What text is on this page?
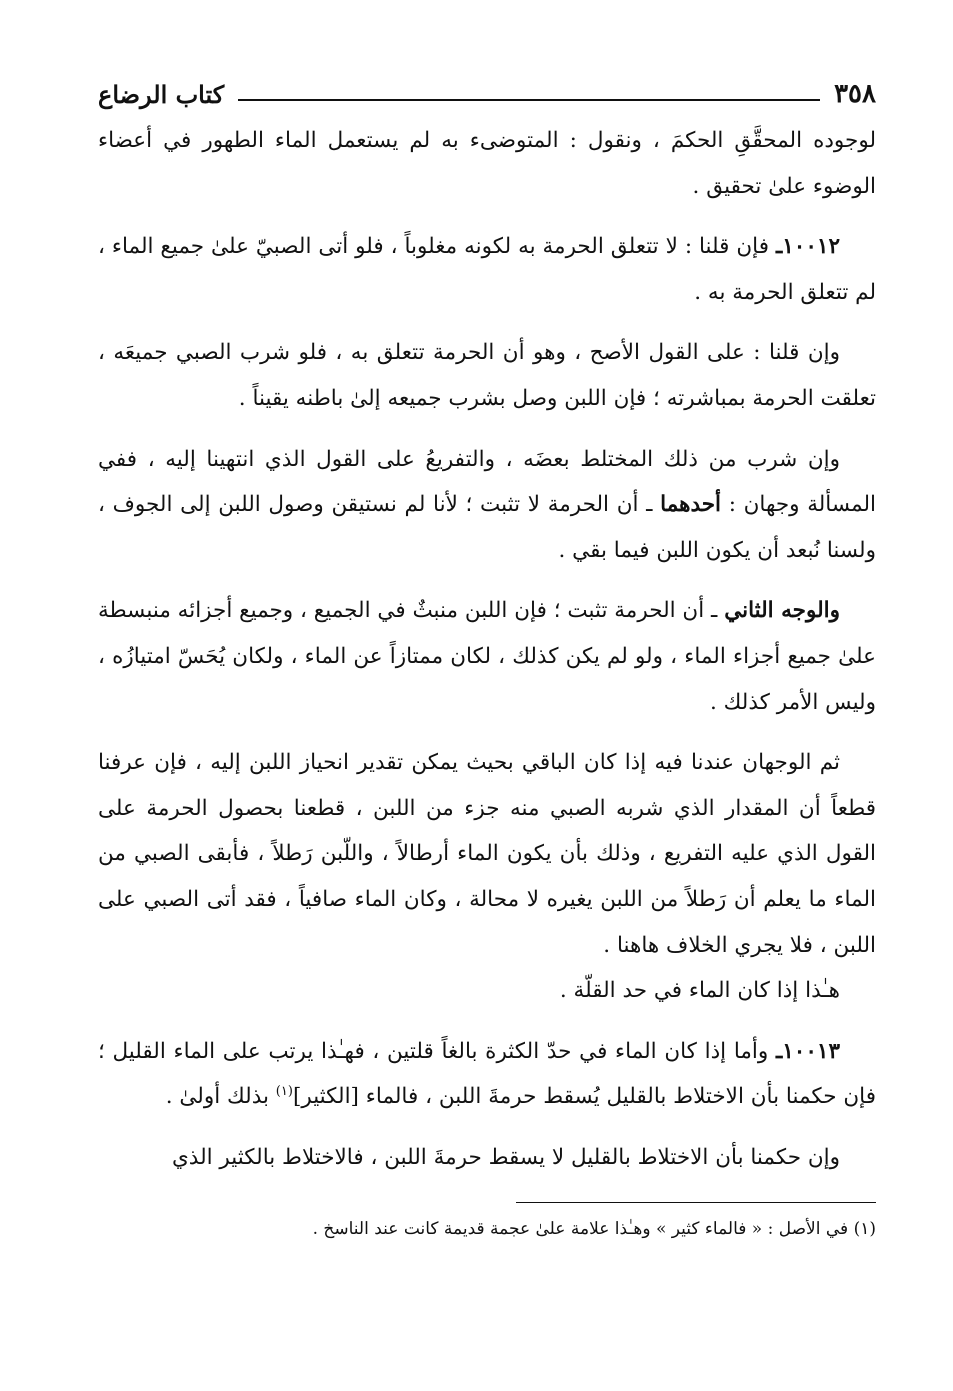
٣٥٨
كتاب الرضاع

لوجوده المحقَّقِ الحكمَ ، ونقول : المتوضىء به لم يستعمل الماء الطهور في أعضاء الوضوء علىٰ تحقيق .

١٠٠١٢ـ فإن قلنا : لا تتعلق الحرمة به لكونه مغلوباً ، فلو أتى الصبيّ علىٰ جميع الماء ، لم تتعلق الحرمة به .

وإن قلنا : على القول الأصح ، وهو أن الحرمة تتعلق به ، فلو شرب الصبي جميعَه ، تعلقت الحرمة بمباشرته ؛ فإن اللبن وصل بشرب جميعه إلىٰ باطنه يقيناً .

وإن شرب من ذلك المختلط بعضَه ، والتفريعُ على القول الذي انتهينا إليه ، ففي المسألة وجهان : أحدهما ـ أن الحرمة لا تثبت ؛ لأنا لم نستيقن وصول اللبن إلى الجوف ، ولسنا نُبعد أن يكون اللبن فيما بقي .

والوجه الثاني ـ أن الحرمة تثبت ؛ فإن اللبن منبثٌ في الجميع ، وجميع أجزائه منبسطة علىٰ جميع أجزاء الماء ، ولو لم يكن كذلك ، لكان ممتازاً عن الماء ، ولكان يُحَسّ امتيازُه ، وليس الأمر كذلك .

ثم الوجهان عندنا فيه إذا كان الباقي بحيث يمكن تقدير انحياز اللبن إليه ، فإن عرفنا قطعاً أن المقدار الذي شربه الصبي منه جزء من اللبن ، قطعنا بحصول الحرمة على القول الذي عليه التفريع ، وذلك بأن يكون الماء أرطالاً ، واللّبن رَطلاً ، فأبقى الصبي من الماء ما يعلم أن رَطلاً من اللبن يغيره لا محالة ، وكان الماء صافياً ، فقد أتى الصبي على اللبن ، فلا يجري الخلاف هاهنا .

هـٰذا إذا كان الماء في حد القلّة .

١٠٠١٣ـ وأما إذا كان الماء في حدّ الكثرة بالغاً قلتين ، فهـٰذا يرتب على الماء القليل ؛ فإن حكمنا بأن الاختلاط بالقليل يُسقط حرمةَ اللبن ، فالماء [الكثير]$^{(١)}$ بذلك أولىٰ .

وإن حكمنا بأن الاختلاط بالقليل لا يسقط حرمةَ اللبن ، فالاختلاط بالكثير الذي

(١) في الأصل : « فالماء كثير » وهـٰذا علامة علىٰ عجمة قديمة كانت عند الناسخ .
